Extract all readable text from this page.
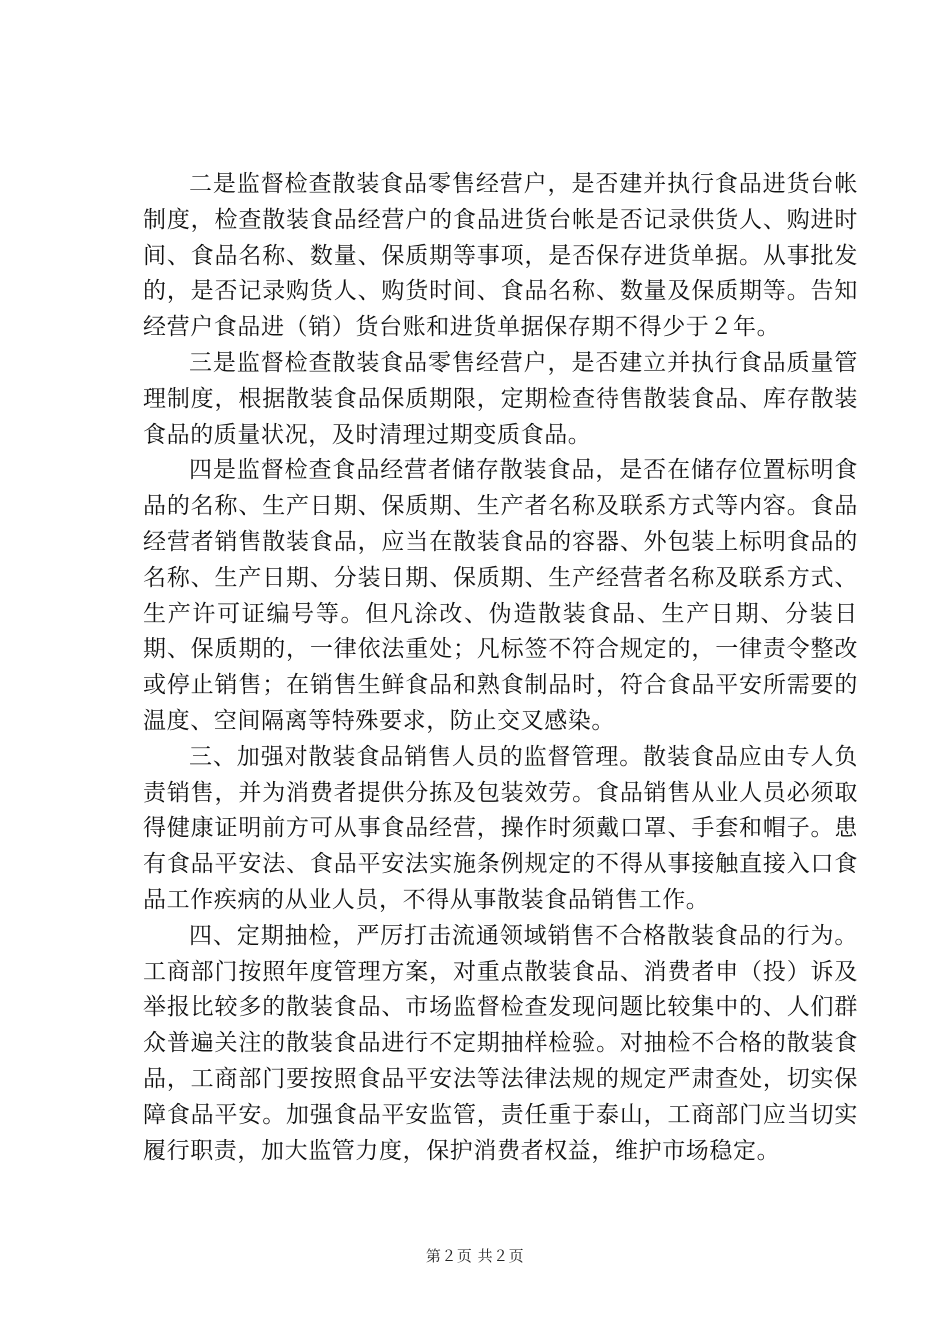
二是监督检查散装食品零售经营户，是否建并执行食品进货台帐制度，检查散装食品经营户的食品进货台帐是否记录供货人、购进时间、食品名称、数量、保质期等事项，是否保存进货单据。从事批发的，是否记录购货人、购货时间、食品名称、数量及保质期等。告知经营户食品进（销）货台账和进货单据保存期不得少于２年。

三是监督检查散装食品零售经营户，是否建立并执行食品质量管理制度，根据散装食品保质期限，定期检查待售散装食品、库存散装食品的质量状况，及时清理过期变质食品。

四是监督检查食品经营者储存散装食品，是否在储存位置标明食品的名称、生产日期、保质期、生产者名称及联系方式等内容。食品经营者销售散装食品，应当在散装食品的容器、外包装上标明食品的名称、生产日期、分装日期、保质期、生产经营者名称及联系方式、生产许可证编号等。但凡涂改、伪造散装食品、生产日期、分装日期、保质期的，一律依法重处；凡标签不符合规定的，一律责令整改或停止销售；在销售生鲜食品和熟食制品时，符合食品平安所需要的温度、空间隔离等特殊要求，防止交叉感染。

三、加强对散装食品销售人员的监督管理。散装食品应由专人负责销售，并为消费者提供分拣及包装效劳。食品销售从业人员必须取得健康证明前方可从事食品经营，操作时须戴口罩、手套和帽子。患有食品平安法、食品平安法实施条例规定的不得从事接触直接入口食品工作疾病的从业人员，不得从事散装食品销售工作。

四、定期抽检，严厉打击流通领域销售不合格散装食品的行为。工商部门按照年度管理方案，对重点散装食品、消费者申（投）诉及举报比较多的散装食品、市场监督检查发现问题比较集中的、人们群众普遍关注的散装食品进行不定期抽样检验。对抽检不合格的散装食品，工商部门要按照食品平安法等法律法规的规定严肃查处，切实保障食品平安。加强食品平安监管，责任重于泰山，工商部门应当切实履行职责，加大监管力度，保护消费者权益，维护市场稳定。

第２页 共２页
